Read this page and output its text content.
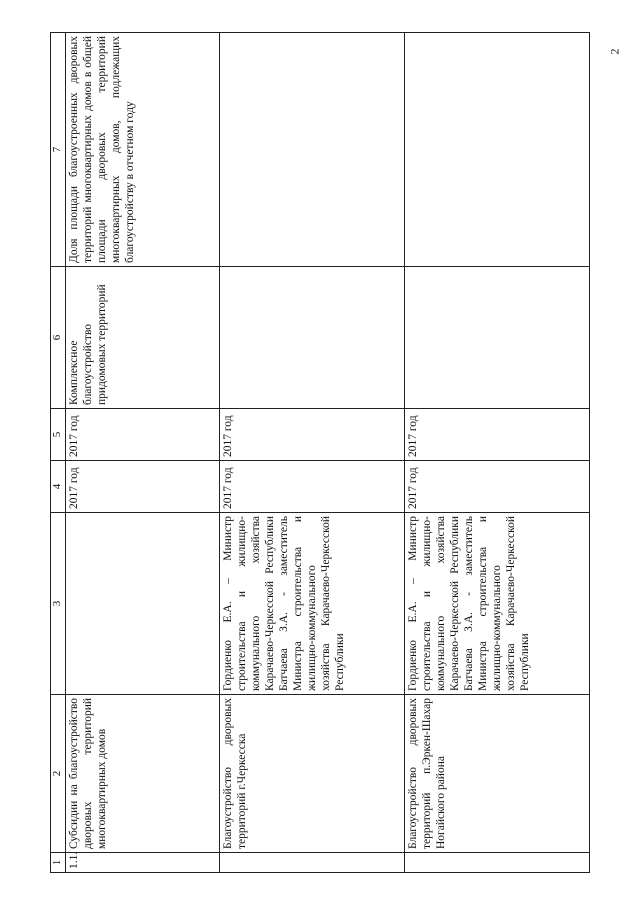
2
1	2	3	4	5	6	7
1.1.	Субсидии на благоустройство дворовых территорий многоквартирных домов		2017 год	2017 год	Комплексное благоустройство придомовых территорий	Доля площади благоустроенных дворовых территорий многоквартирных домов в общей площади дворовых территорий многоквартирных домов, подлежащих благоустройству в отчетном году
	Благоустройство дворовых территорий г.Черкесска	Гордиенко Е.А. – Министр строительства и жилищно-коммунального хозяйства Карачаево-Черкесской Республики Батчаева З.А. - заместитель Министра строительства и жилищно-коммунального хозяйства Карачаево-Черкесской Республики	2017 год	2017 год		
	Благоустройство дворовых территорий п.Эркен-Шахар Ногайского района	Гордиенко Е.А. – Министр строительства и жилищно-коммунального хозяйства Карачаево-Черкесской Республики Батчаева З.А. - заместитель Министра строительства и жилищно-коммунального хозяйства Карачаево-Черкесской Республики	2017 год	2017 год		
